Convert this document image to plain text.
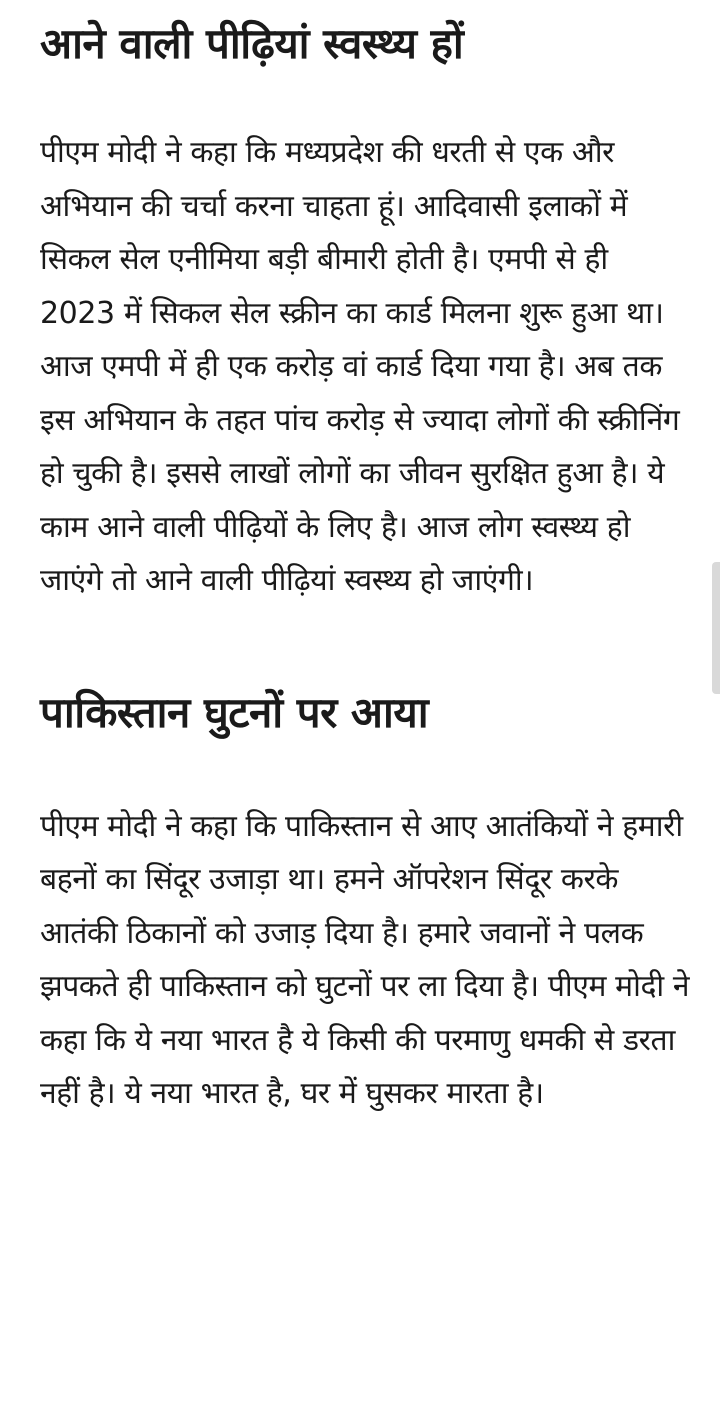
आने वाली पीढ़ियां स्वस्थ्य हों

पीएम मोदी ने कहा कि मध्यप्रदेश की धरती से एक और अभियान की चर्चा करना चाहता हूं। आदिवासी इलाकों में सिकल सेल एनीमिया बड़ी बीमारी होती है। एमपी से ही 2023 में सिकल सेल स्क्रीन का कार्ड मिलना शुरू हुआ था। आज एमपी में ही एक करोड़ वां कार्ड दिया गया है। अब तक इस अभियान के तहत पांच करोड़ से ज्यादा लोगों की स्क्रीनिंग हो चुकी है। इससे लाखों लोगों का जीवन सुरक्षित हुआ है। ये काम आने वाली पीढ़ियों के लिए है। आज लोग स्वस्थ्य हो जाएंगे तो आने वाली पीढ़ियां स्वस्थ्य हो जाएंगी।

पाकिस्तान घुटनों पर आया

पीएम मोदी ने कहा कि पाकिस्तान से आए आतंकियों ने हमारी बहनों का सिंदूर उजाड़ा था। हमने ऑपरेशन सिंदूर करके आतंकी ठिकानों को उजाड़ दिया है। हमारे जवानों ने पलक झपकते ही पाकिस्तान को घुटनों पर ला दिया है। पीएम मोदी ने कहा कि ये नया भारत है ये किसी की परमाणु धमकी से डरता नहीं है। ये नया भारत है, घर में घुसकर मारता है।
